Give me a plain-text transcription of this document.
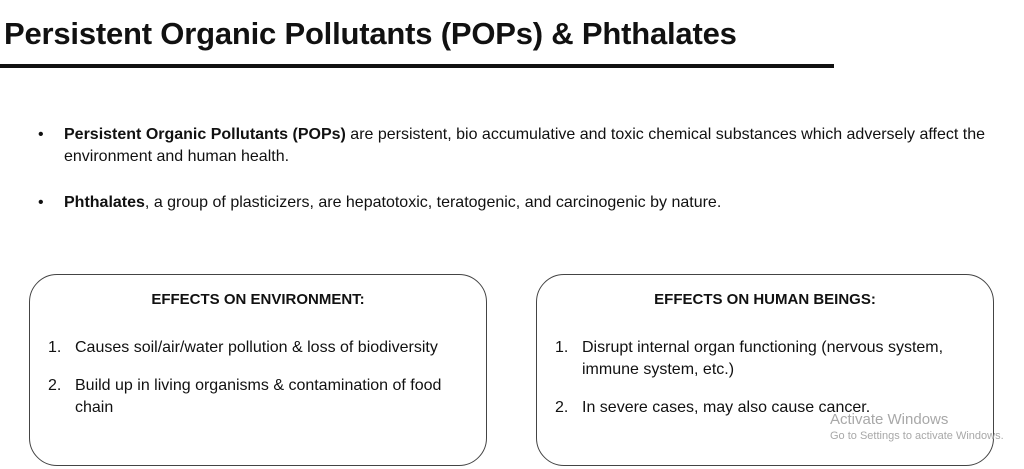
Persistent Organic Pollutants (POPs) & Phthalates
• Persistent Organic Pollutants (POPs) are persistent, bio accumulative and toxic chemical substances which adversely affect the environment and human health.
• Phthalates, a group of plasticizers, are hepatotoxic, teratogenic, and carcinogenic by nature.
EFFECTS ON ENVIRONMENT:
1. Causes soil/air/water pollution & loss of biodiversity
2. Build up in living organisms & contamination of food chain
EFFECTS ON HUMAN BEINGS:
1. Disrupt internal organ functioning (nervous system, immune system, etc.)
2. In severe cases, may also cause cancer.
Activate Windows
Go to Settings to activate Windows.
